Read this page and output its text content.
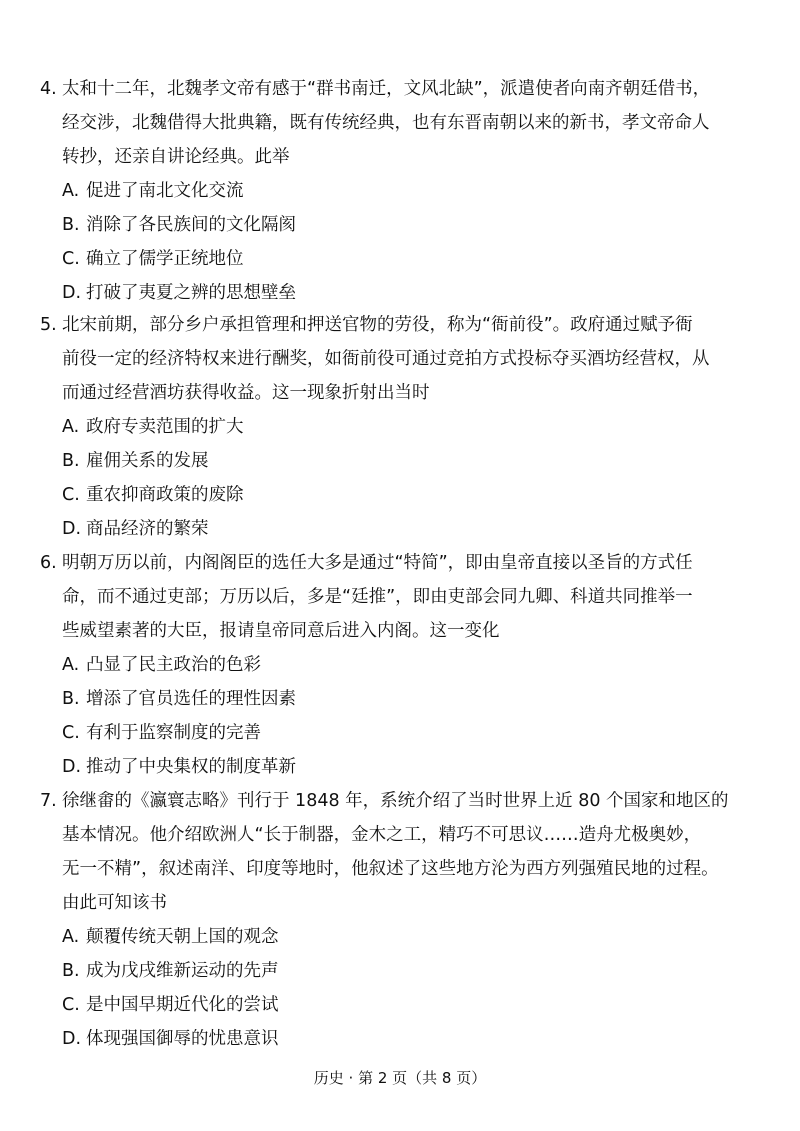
4. 太和十二年，北魏孝文帝有感于“群书南迁，文风北缺”，派遣使者向南齐朝廷借书，
经交涉，北魏借得大批典籍，既有传统经典，也有东晋南朝以来的新书，孝文帝命人
转抄，还亲自讲论经典。此举

A. 促进了南北文化交流

B. 消除了各民族间的文化隔阂

C. 确立了儒学正统地位

D. 打破了夷夏之辨的思想壁垒

5. 北宋前期，部分乡户承担管理和押送官物的劳役，称为“衙前役”。政府通过赋予衙
前役一定的经济特权来进行酬奖，如衙前役可通过竞拍方式投标夺买酒坊经营权，从
而通过经营酒坊获得收益。这一现象折射出当时

A. 政府专卖范围的扩大

B. 雇佣关系的发展

C. 重农抑商政策的废除

D. 商品经济的繁荣

6. 明朝万历以前，内阁阁臣的选任大多是通过“特简”，即由皇帝直接以圣旨的方式任
命，而不通过吏部；万历以后，多是“廷推”，即由吏部会同九卿、科道共同推举一
些威望素著的大臣，报请皇帝同意后进入内阁。这一变化

A. 凸显了民主政治的色彩

B. 增添了官员选任的理性因素

C. 有利于监察制度的完善

D. 推动了中央集权的制度革新

7. 徐继畬的《瀛寰志略》刊行于 1848 年，系统介绍了当时世界上近 80 个国家和地区的
基本情况。他介绍欧洲人“长于制器，金木之工，精巧不可思议……造舟尤极奥妙，
无一不精”，叙述南洋、印度等地时，他叙述了这些地方沦为西方列强殖民地的过程。
由此可知该书

A. 颠覆传统天朝上国的观念

B. 成为戊戌维新运动的先声

C. 是中国早期近代化的尝试

D. 体现强国御辱的忧患意识

历史 · 第 2 页（共 8 页）
